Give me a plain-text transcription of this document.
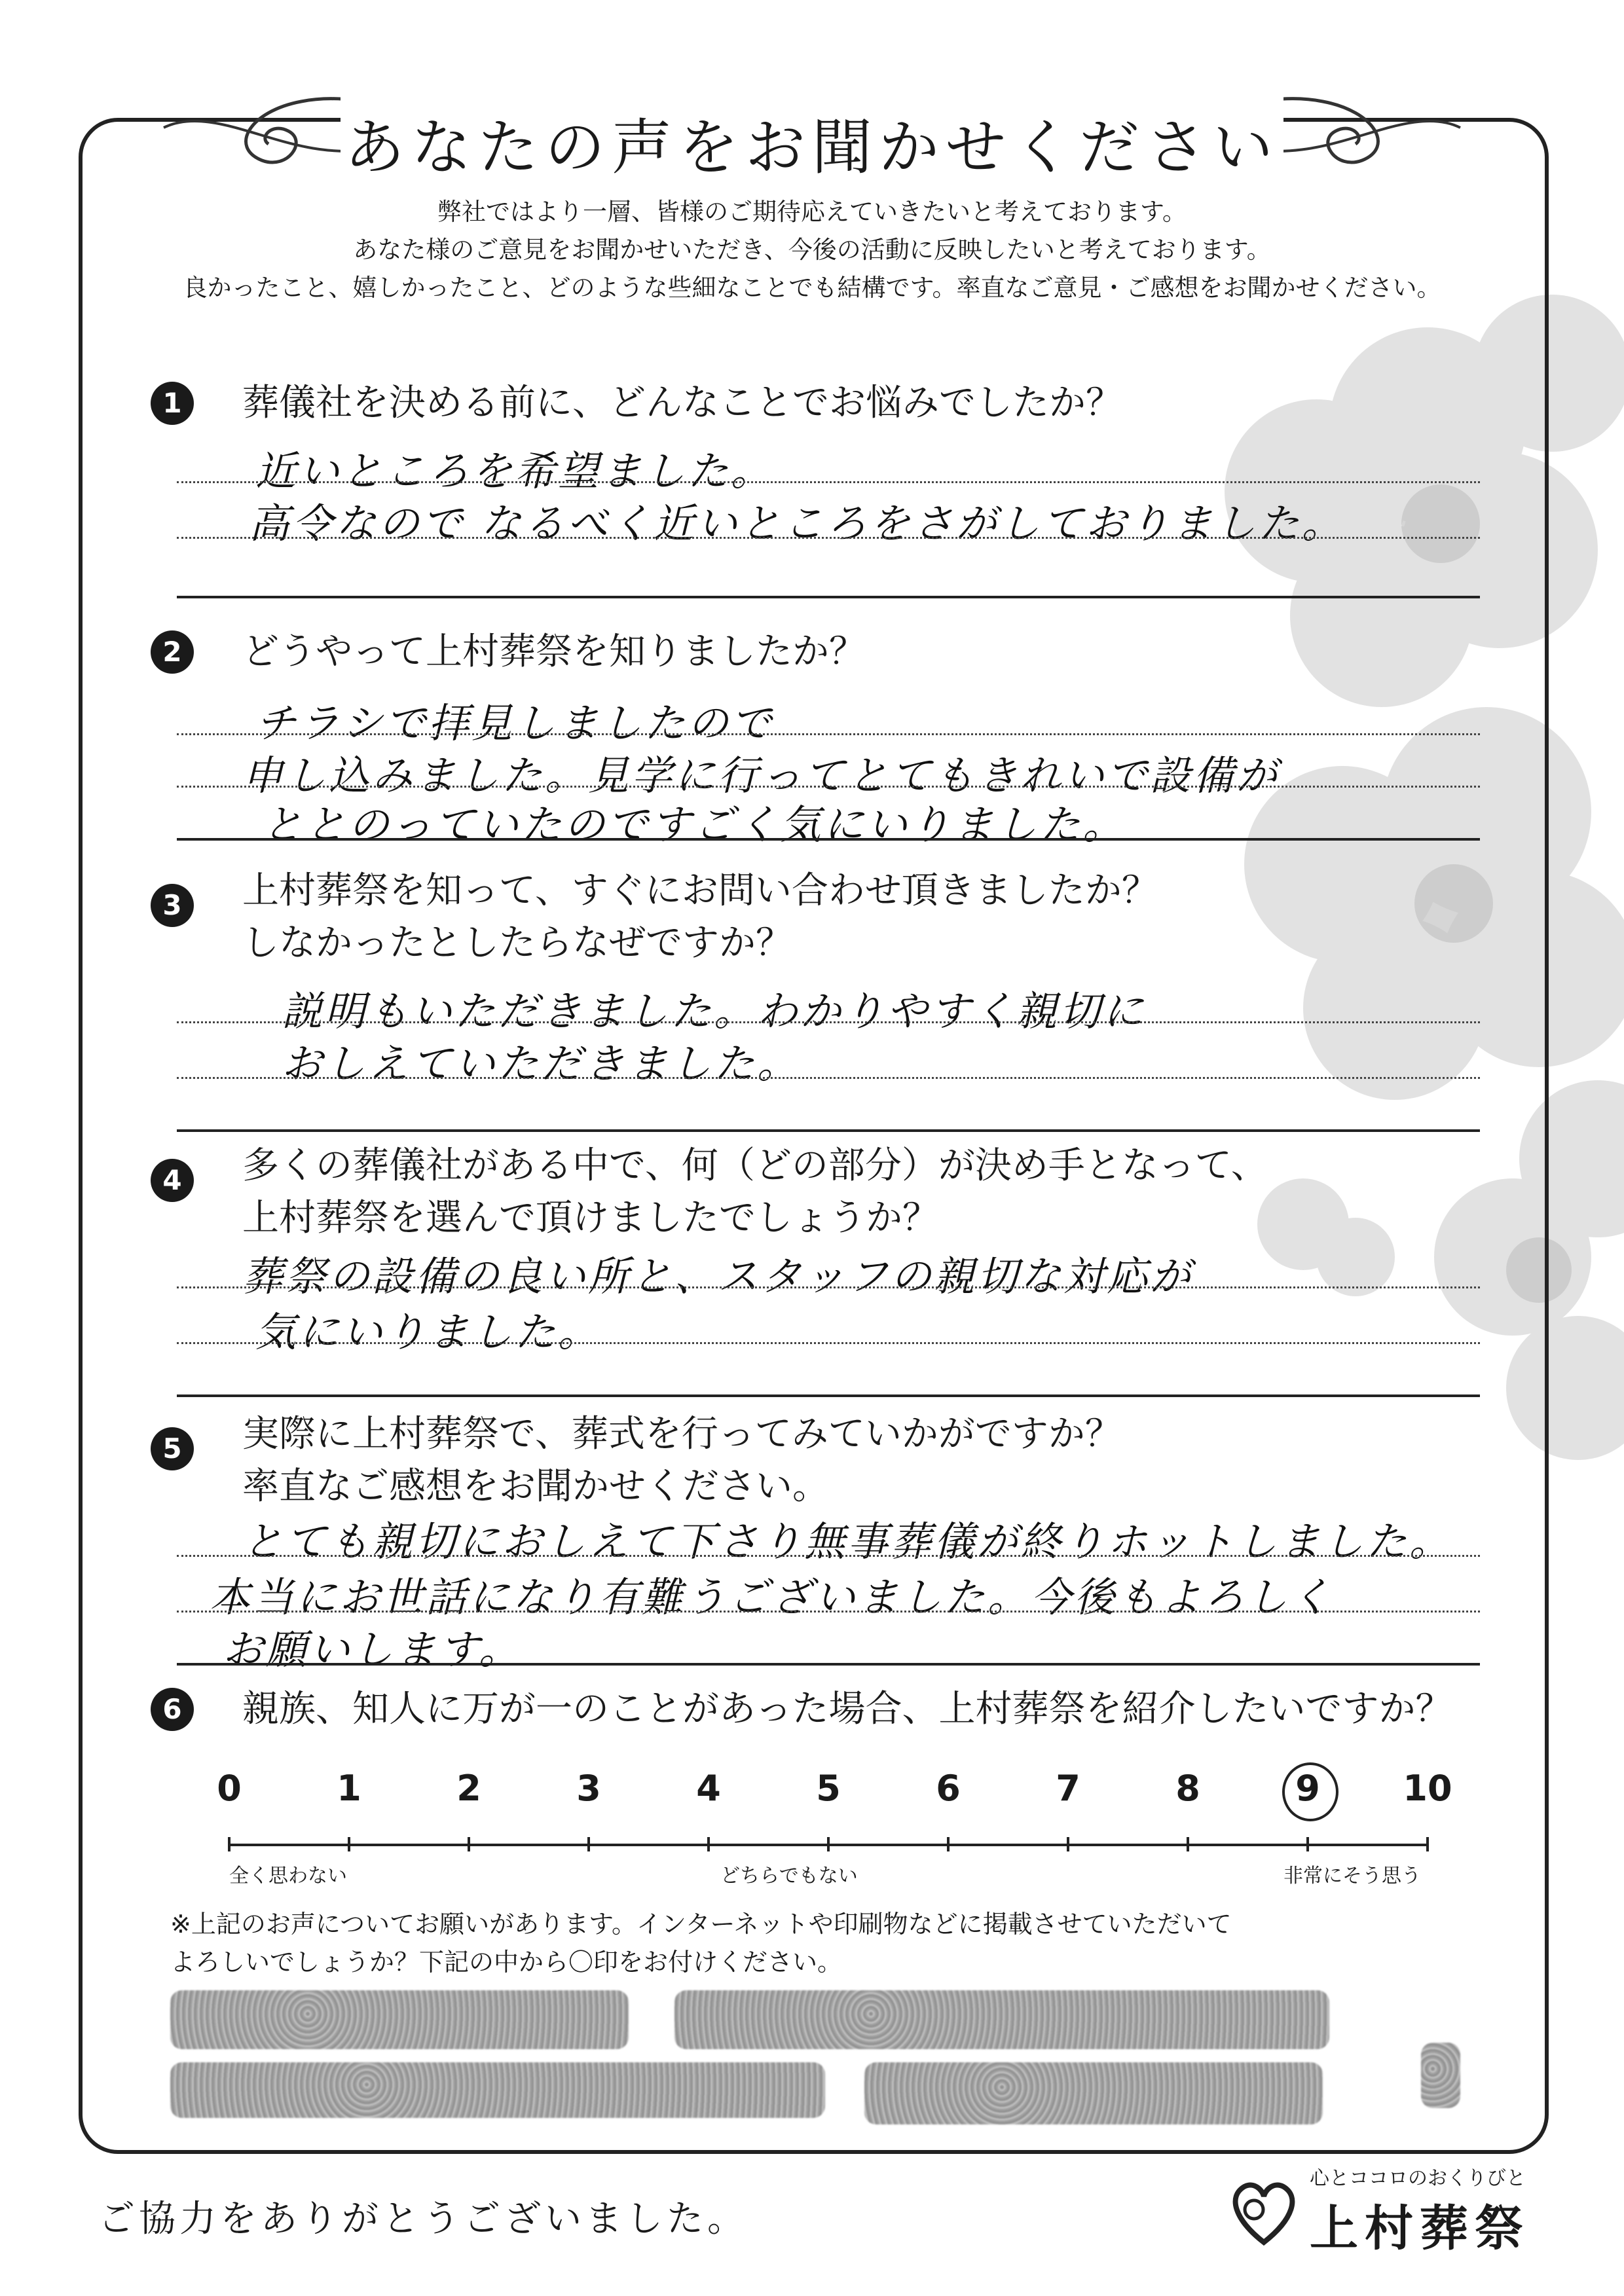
あなたの声をお聞かせください
弊社ではより一層、皆様のご期待応えていきたいと考えております。
あなた様のご意見をお聞かせいただき、今後の活動に反映したいと考えております。
良かったこと、嬉しかったこと、どのような些細なことでも結構です。率直なご意見・ご感想をお聞かせください。
1	葬儀社を決める前に、どんなことでお悩みでしたか？
近いところを希望ました。
高令なので なるべく近いところをさがしておりました。
2	どうやって上村葬祭を知りましたか？
チラシで拝見しましたので
申し込みました。見学に行ってとてもきれいで設備が
ととのっていたのですごく気にいりました。
3	上村葬祭を知って、すぐにお問い合わせ頂きましたか？
しなかったとしたらなぜですか？
説明もいただきました。わかりやすく親切に
おしえていただきました。
4	多くの葬儀社がある中で、何（どの部分）が決め手となって、
上村葬祭を選んで頂けましたでしょうか？
葬祭の設備の良い所と、スタッフの親切な対応が
気にいりました。
5	実際に上村葬祭で、葬式を行ってみていかがですか？
率直なご感想をお聞かせください。
とても親切におしえて下さり無事葬儀が終りホットしました。
本当にお世話になり有難うございました。今後もよろしく
お願いします。
6	親族、知人に万が一のことがあった場合、上村葬祭を紹介したいですか？
0	1	2	3	4	5	6	7	8	9	10
全く思わない	どちらでもない	非常にそう思う
※上記のお声についてお願いがあります。インターネットや印刷物などに掲載させていただいて
よろしいでしょうか？下記の中から〇印をお付けください。
ご協力をありがとうございました。
心とココロのおくりびと
上村葬祭
